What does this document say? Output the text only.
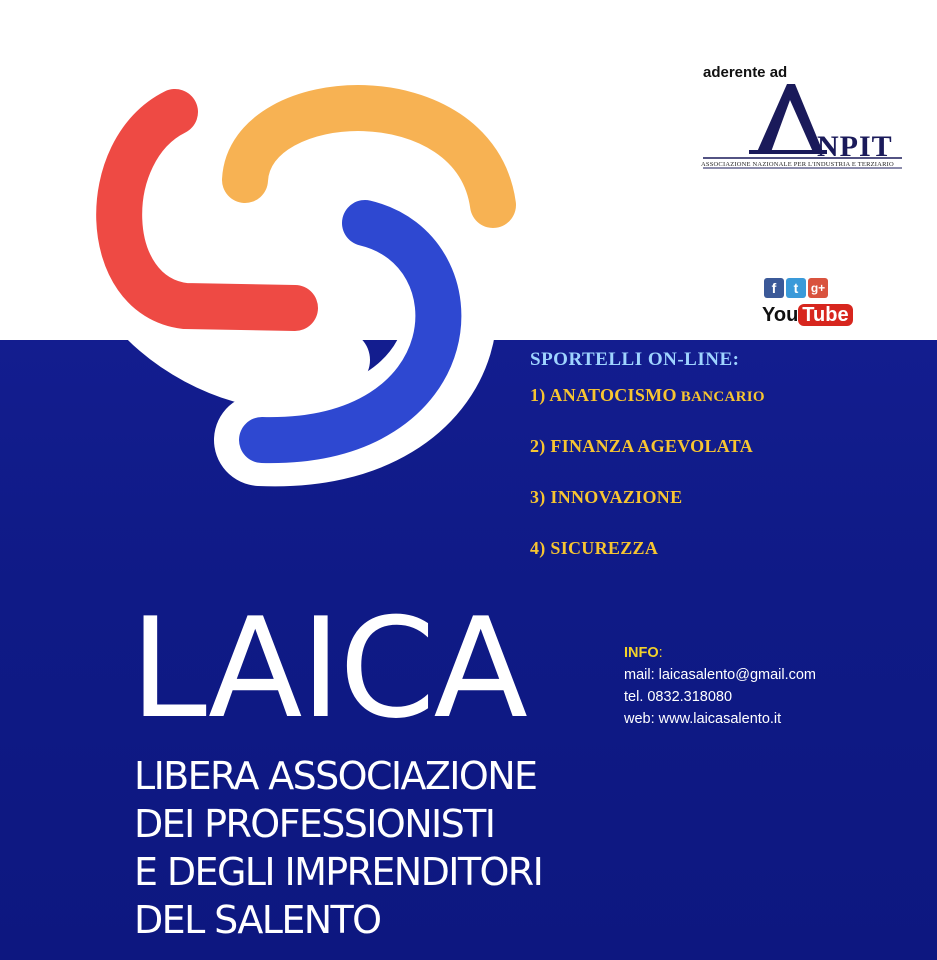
aderente ad
NPIT
ASSOCIAZIONE NAZIONALE PER L'INDUSTRIA E TERZIARIO
f	t	g+
You Tube
SPORTELLI ON-LINE:
1) ANATOCISMO BANCARIO
2) FINANZA AGEVOLATA
3) INNOVAZIONE
4) SICUREZZA
INFO:
mail: laicasalento@gmail.com
tel. 0832.318080
web: www.laicasalento.it
LAICA
LIBERA ASSOCIAZIONE
DEI PROFESSIONISTI
E DEGLI IMPRENDITORI
DEL SALENTO
